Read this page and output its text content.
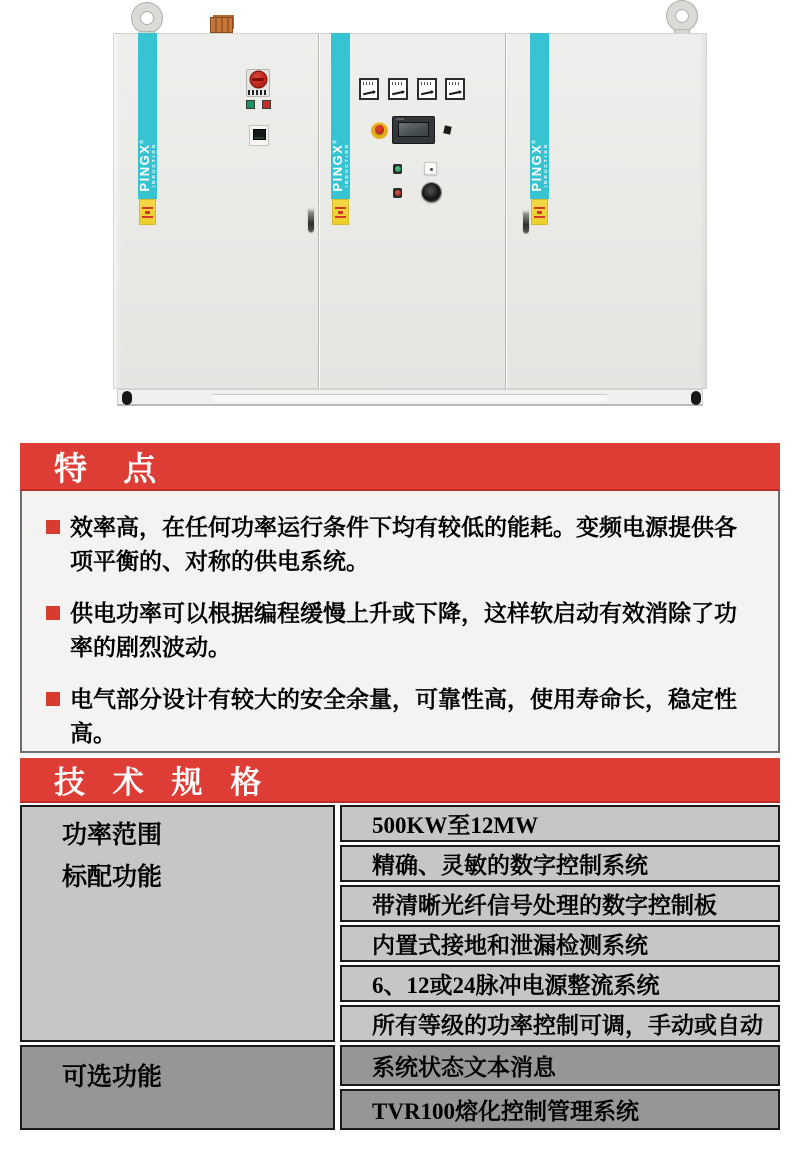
PINGX®
INDUCTION	PINGX®
INDUCTION	PINGX®
INDUCTION
特 点

效率高，在任何功率运行条件下均有较低的能耗。变频电源提供各项平衡的、对称的供电系统。

供电功率可以根据编程缓慢上升或下降，这样软启动有效消除了功率的剧烈波动。

电气部分设计有较大的安全余量，可靠性高，使用寿命长，稳定性高。

技 术 规 格
功率范围
标配功能
可选功能
500KW至12MW
精确、灵敏的数字控制系统
带清晰光纤信号处理的数字控制板
内置式接地和泄漏检测系统
6、12或24脉冲电源整流系统
所有等级的功率控制可调，手动或自动
系统状态文本消息
TVR100熔化控制管理系统
